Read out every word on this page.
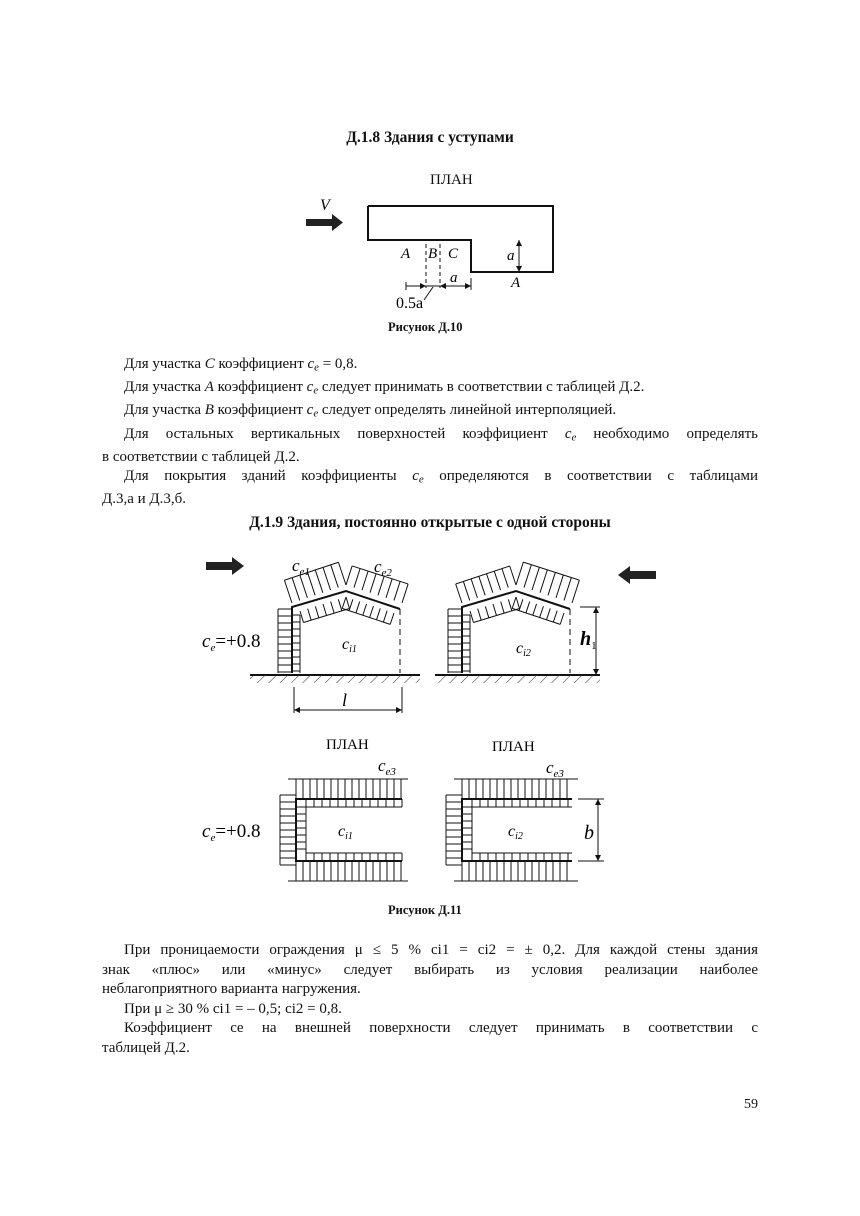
Д.1.8 Здания с уступами
ПЛАН
V
A B C	a
A
a
0.5a
Рисунок Д.10

Для участка C коэффициент $c_e = 0,8$.

Для участка A коэффициент $c_e$ следует принимать в соответствии с таблицей Д.2.

Для участка B коэффициент $c_e$ следует определять линейной интерполяцией.

Для остальных вертикальных поверхностей коэффициент $c_e$ необходимо определять

в соответствии с таблицей Д.2.

Для покрытия зданий коэффициенты $c_e$ определяются в соответствии с таблицами

Д.3,а и Д.3,б.

Д.1.9 Здания, постоянно открытые с одной стороны
$c_{e1}$	$c_{e2}$
ci1	ci2
$c_e=+0.8$	$h_1$
l
ПЛАН	ПЛАН
$c_{e3}$	$c_{e3}$
ci1	ci2
$c_e=+0.8$	b
Рисунок Д.11

При проницаемости ограждения μ ≤ 5 % ci1 = ci2 = ± 0,2. Для каждой стены здания

знак «плюс» или «минус» следует выбирать из условия реализации наиболее

неблагоприятного варианта нагружения.

При μ ≥ 30 % ci1 = – 0,5; ci2 = 0,8.

Коэффициент ce на внешней поверхности следует принимать в соответствии с

таблицей Д.2.

59
